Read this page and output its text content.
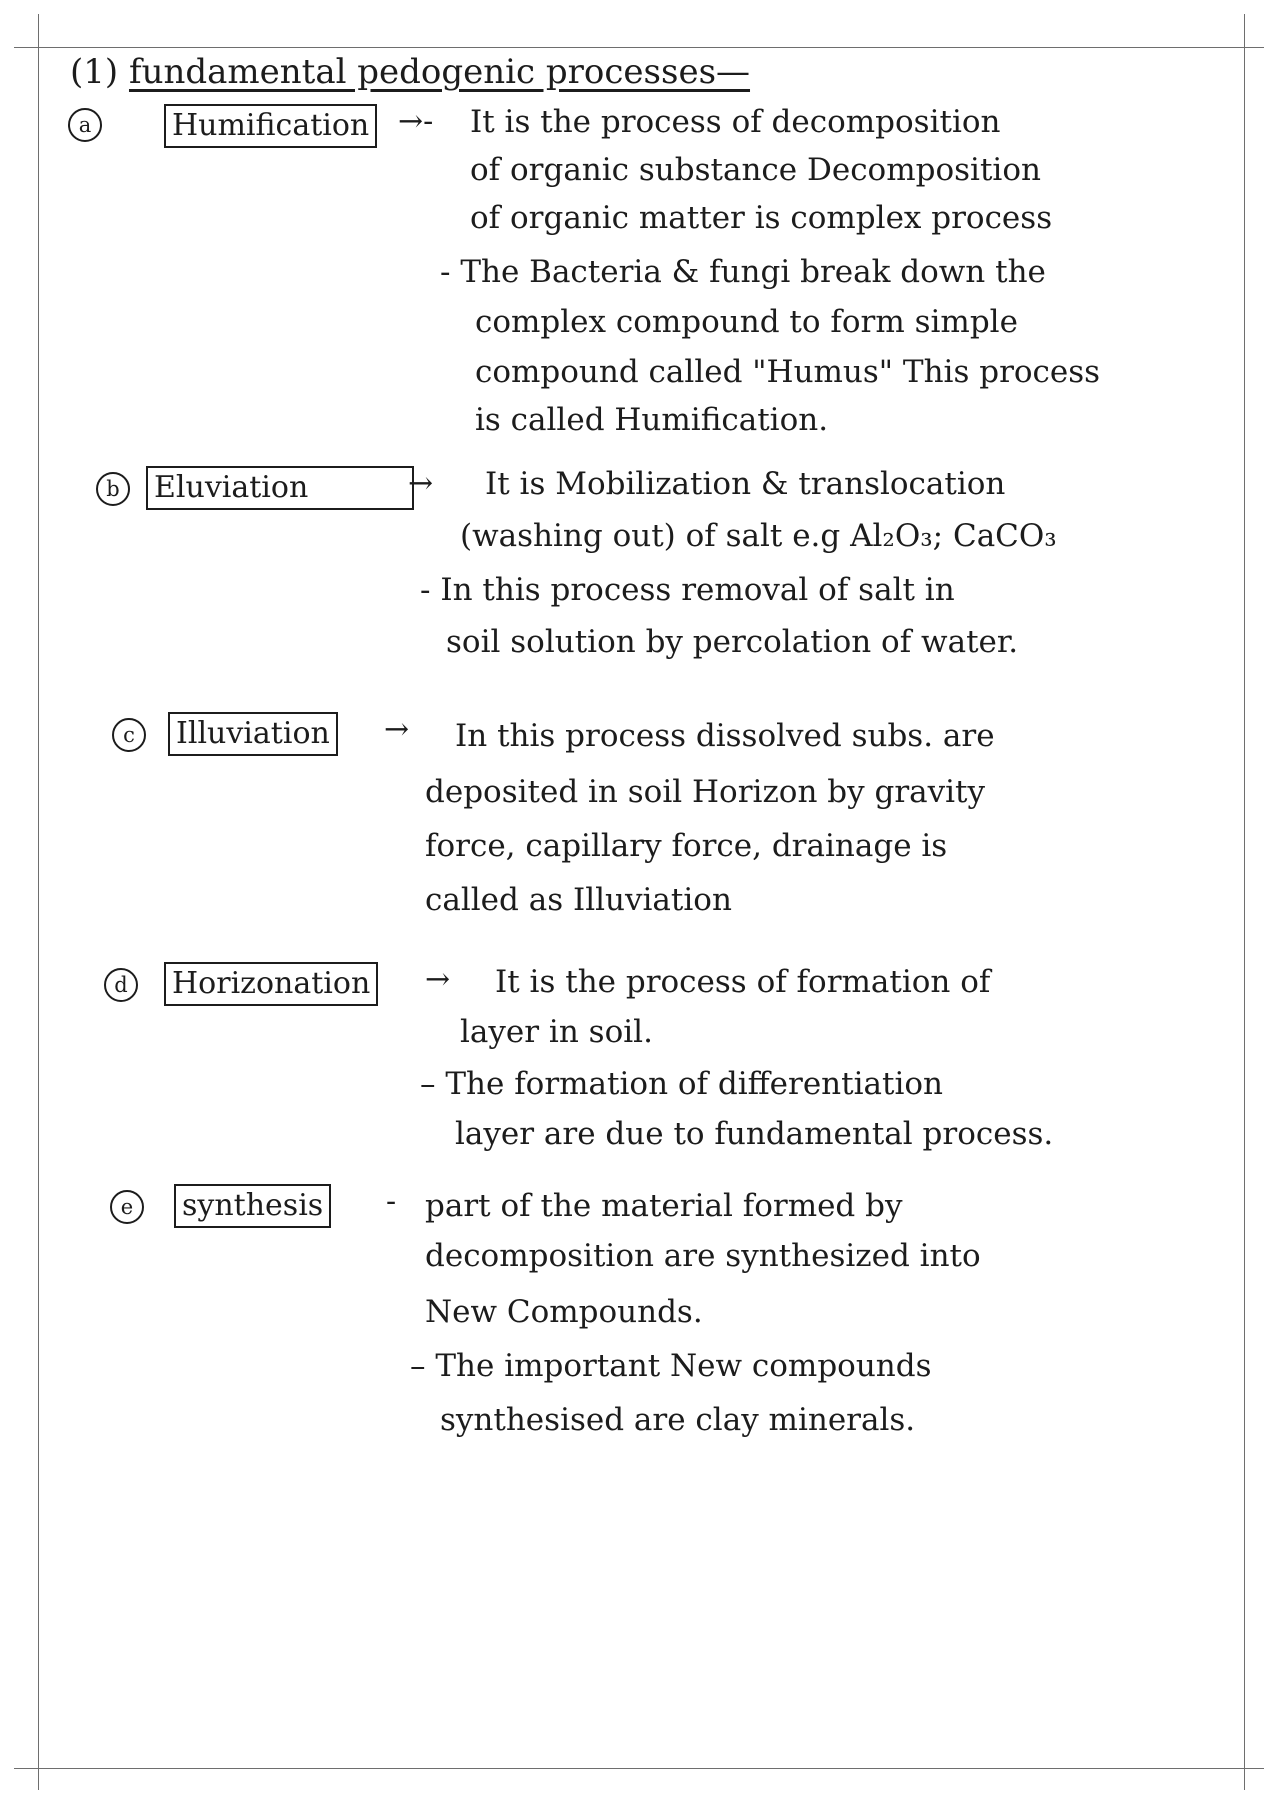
(1) fundamental pedogenic processes—
a	Humification →- It is the process of decomposition
of organic substance Decomposition
of organic matter is complex process
- The Bacteria & fungi break down the
complex compound to form simple
compound called "Humus" This process
is called Humification.
b	Eluviation	→ It is Mobilization & translocation
(washing out) of salt e.g Al₂O₃; CaCO₃
- In this process removal of salt in
soil solution by percolation of water.
c	Illuviation → In this process dissolved subs. are
deposited in soil Horizon by gravity
force, capillary force, drainage is
called as Illuviation
d	Horizonation → It is the process of formation of
layer in soil.
– The formation of differentiation
layer are due to fundamental process.
e	synthesis - part of the material formed by
decomposition are synthesized into
New Compounds.
– The important New compounds
synthesised are clay minerals.
